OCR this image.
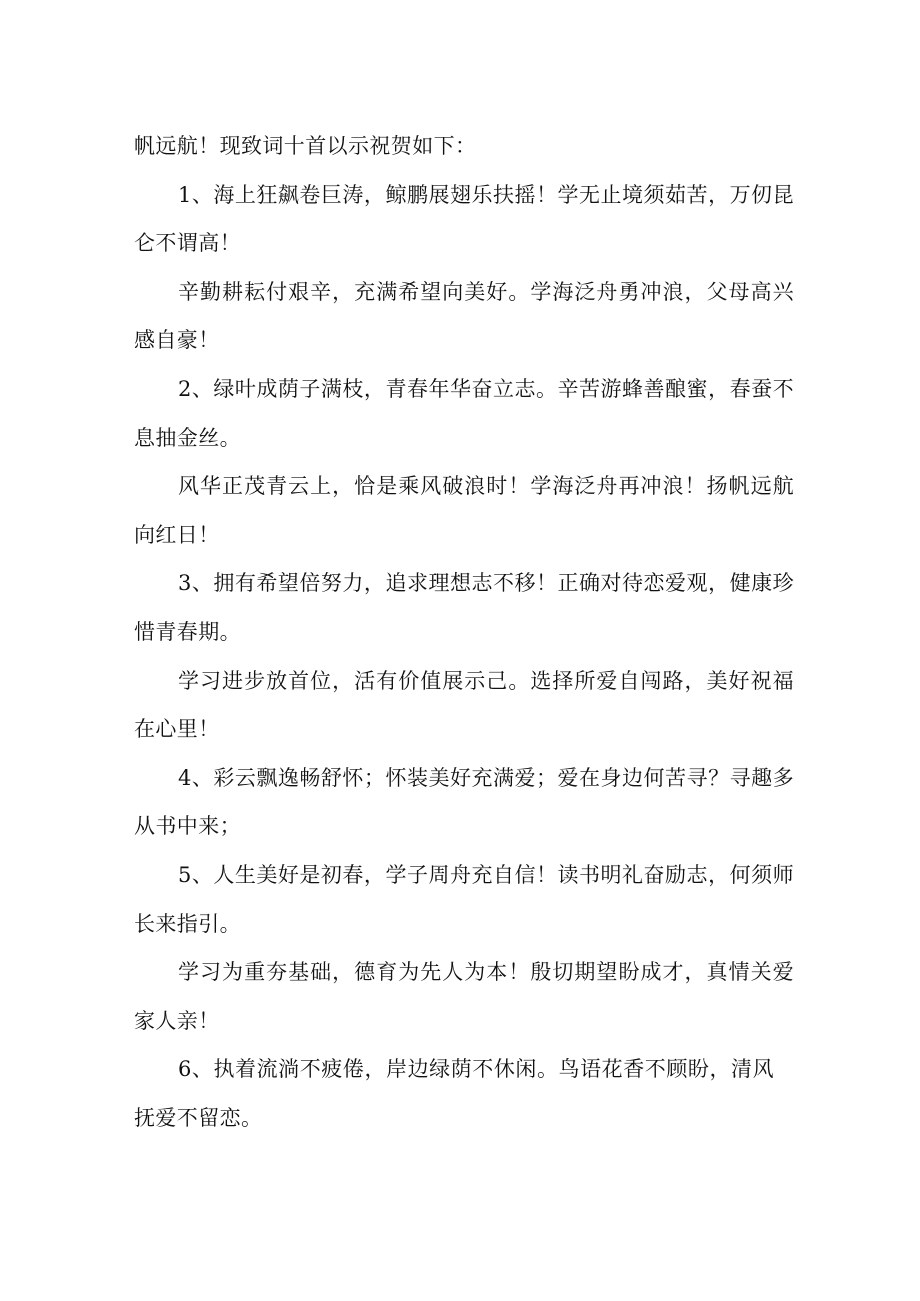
帆远航！现致词十首以示祝贺如下：

1、海上狂飙卷巨涛，鲸鹏展翅乐扶摇！学无止境须茹苦，万仞昆仑不谓高！

辛勤耕耘付艰辛，充满希望向美好。学海泛舟勇冲浪，父母高兴感自豪！

2、绿叶成荫子满枝，青春年华奋立志。辛苦游蜂善酿蜜，春蚕不息抽金丝。

风华正茂青云上，恰是乘风破浪时！学海泛舟再冲浪！扬帆远航向红日！

3、拥有希望倍努力，追求理想志不移！正确对待恋爱观，健康珍惜青春期。

学习进步放首位，活有价值展示己。选择所爱自闯路，美好祝福在心里！

4、彩云飘逸畅舒怀；怀装美好充满爱；爱在身边何苦寻？寻趣多从书中来；

5、人生美好是初春，学子周舟充自信！读书明礼奋励志，何须师长来指引。

学习为重夯基础，德育为先人为本！殷切期望盼成才，真情关爱家人亲！

6、执着流淌不疲倦，岸边绿荫不休闲。鸟语花香不顾盼，清风抚爱不留恋。
